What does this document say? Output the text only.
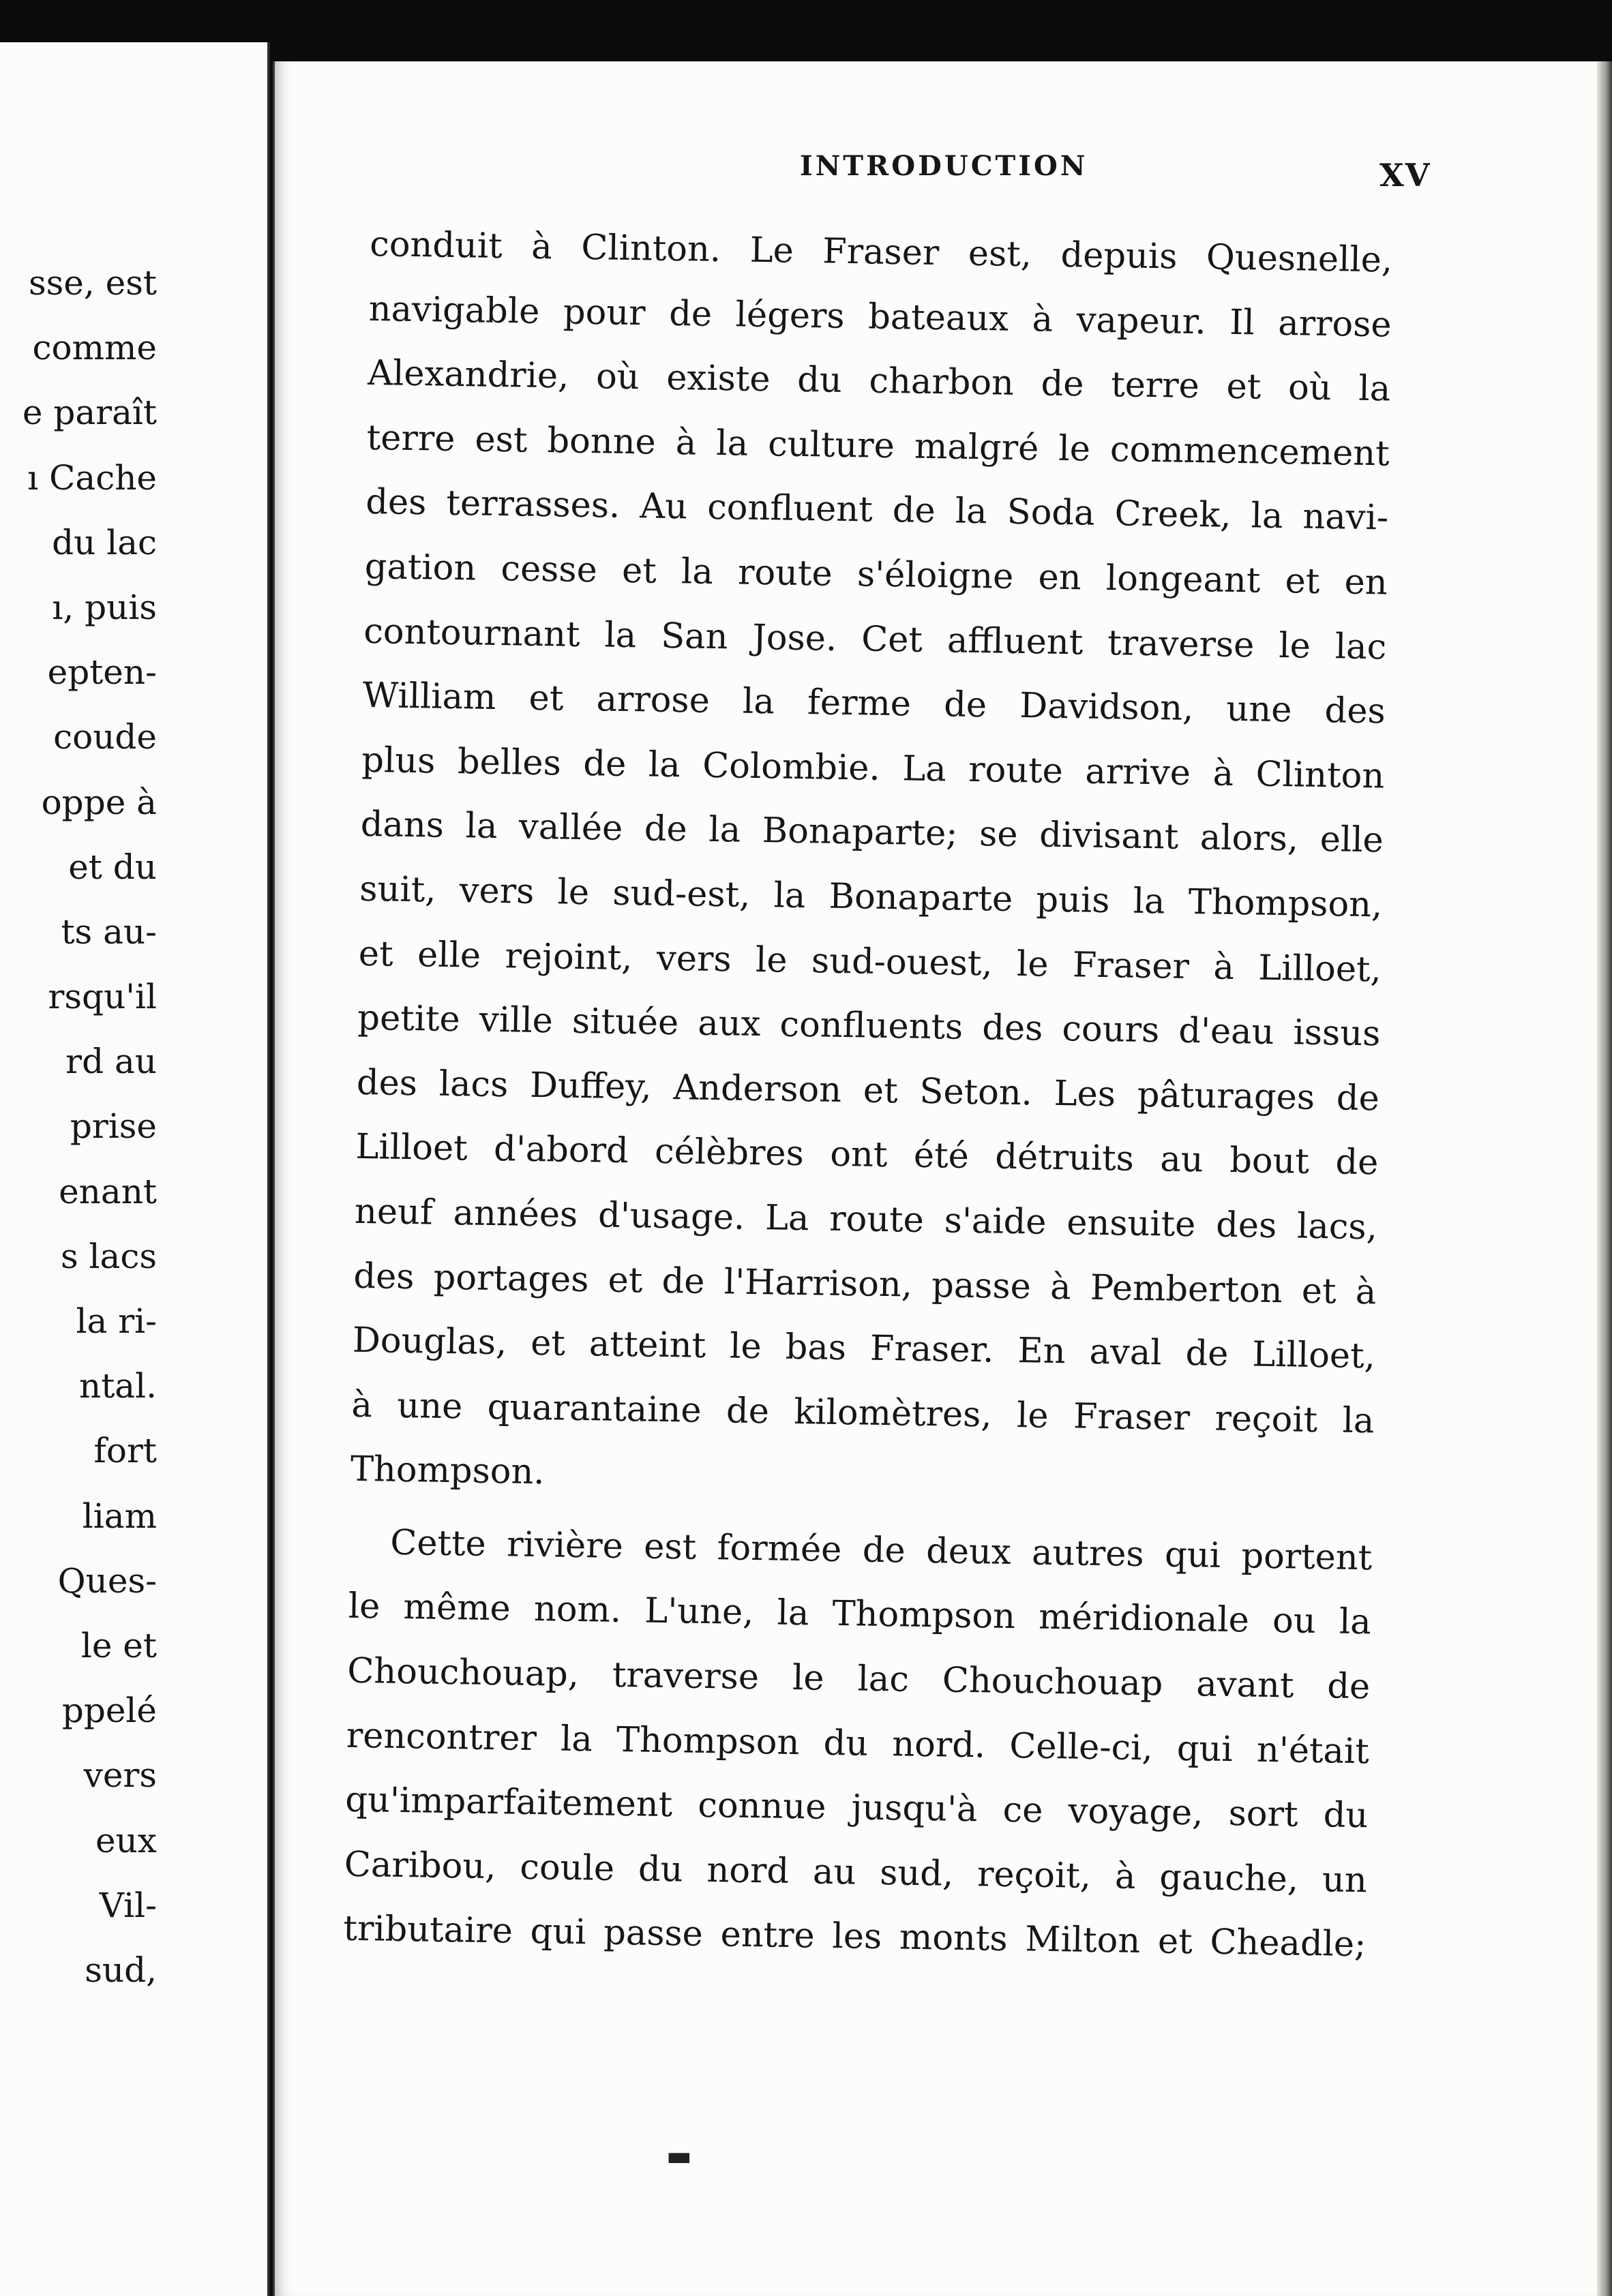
sse, est
comme
e paraît
ı Cache
du lac
ı, puis
epten-
coude
oppe à
et du
ts au-
rsqu'il
rd au
prise
enant
s lacs
la ri-
ntal.
fort
liam
Ques-
le et
ppelé
vers
eux
Vil-
sud,
INTRODUCTION	XV
conduit à Clinton. Le Fraser est, depuis Quesnelle,
navigable pour de légers bateaux à vapeur. Il arrose
Alexandrie, où existe du charbon de terre et où la
terre est bonne à la culture malgré le commencement
des terrasses. Au confluent de la Soda Creek, la navi-
gation cesse et la route s'éloigne en longeant et en
contournant la San Jose. Cet affluent traverse le lac
William et arrose la ferme de Davidson, une des
plus belles de la Colombie. La route arrive à Clinton
dans la vallée de la Bonaparte; se divisant alors, elle
suit, vers le sud-est, la Bonaparte puis la Thompson,
et elle rejoint, vers le sud-ouest, le Fraser à Lilloet,
petite ville située aux confluents des cours d'eau issus
des lacs Duffey, Anderson et Seton. Les pâturages de
Lilloet d'abord célèbres ont été détruits au bout de
neuf années d'usage. La route s'aide ensuite des lacs,
des portages et de l'Harrison, passe à Pemberton et à
Douglas, et atteint le bas Fraser. En aval de Lilloet,
à une quarantaine de kilomètres, le Fraser reçoit la
Thompson.
Cette rivière est formée de deux autres qui portent
le même nom. L'une, la Thompson méridionale ou la
Chouchouap, traverse le lac Chouchouap avant de
rencontrer la Thompson du nord. Celle-ci, qui n'était
qu'imparfaitement connue jusqu'à ce voyage, sort du
Caribou, coule du nord au sud, reçoit, à gauche, un
tributaire qui passe entre les monts Milton et Cheadle;
▬
